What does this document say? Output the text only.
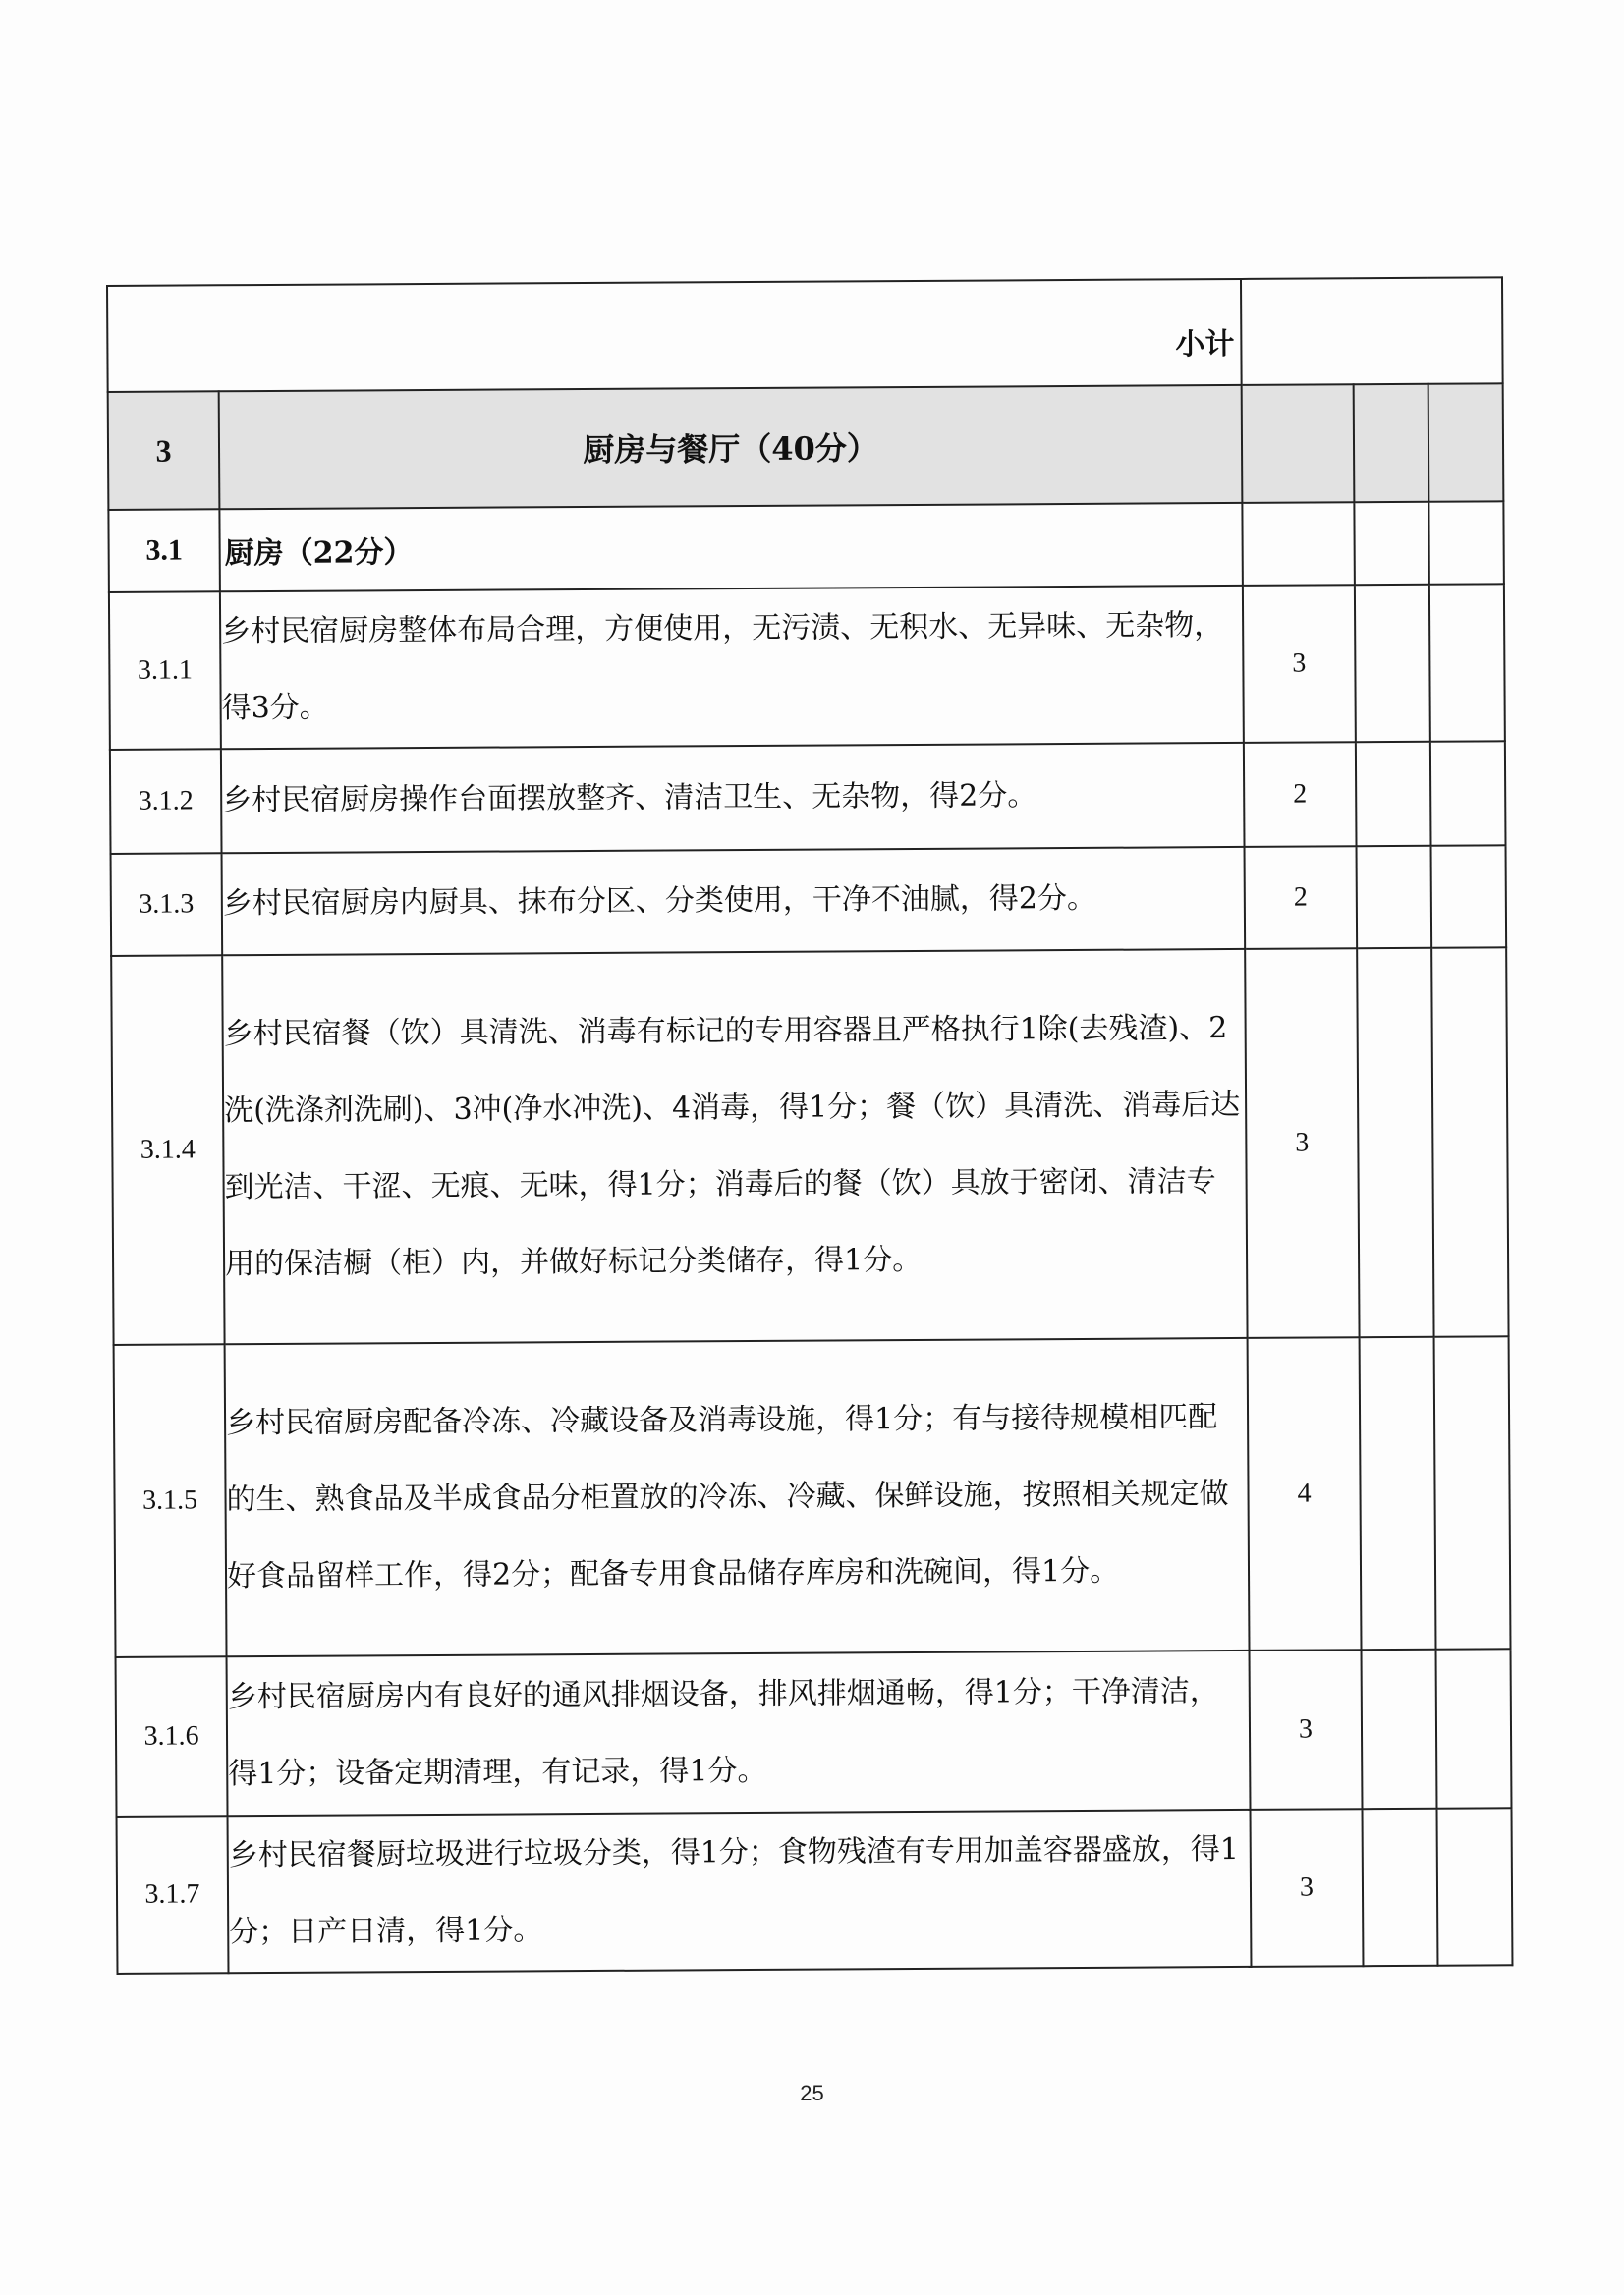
小计				
3	厨房与餐厅（40分）			
3.1	厨房（22分）			
3.1.1	乡村民宿厨房整体布局合理，方便使用，无污渍、无积水、无异味、无杂物，得3分。	3		
3.1.2	乡村民宿厨房操作台面摆放整齐、清洁卫生、无杂物，得2分。	2		
3.1.3	乡村民宿厨房内厨具、抹布分区、分类使用，干净不油腻，得2分。	2		
3.1.4	乡村民宿餐（饮）具清洗、消毒有标记的专用容器且严格执行1除(去残渣)、2洗(洗涤剂洗刷)、3冲(净水冲洗)、4消毒，得1分；餐（饮）具清洗、消毒后达到光洁、干涩、无痕、无味，得1分；消毒后的餐（饮）具放于密闭、清洁专用的保洁橱（柜）内，并做好标记分类储存，得1分。	3		
3.1.5	乡村民宿厨房配备冷冻、冷藏设备及消毒设施，得1分；有与接待规模相匹配的生、熟食品及半成食品分柜置放的冷冻、冷藏、保鲜设施，按照相关规定做好食品留样工作，得2分；配备专用食品储存库房和洗碗间，得1分。	4		
3.1.6	乡村民宿厨房内有良好的通风排烟设备，排风排烟通畅，得1分；干净清洁，得1分；设备定期清理，有记录，得1分。	3		
3.1.7	乡村民宿餐厨垃圾进行垃圾分类，得1分；食物残渣有专用加盖容器盛放，得1分；日产日清，得1分。	3		
25
